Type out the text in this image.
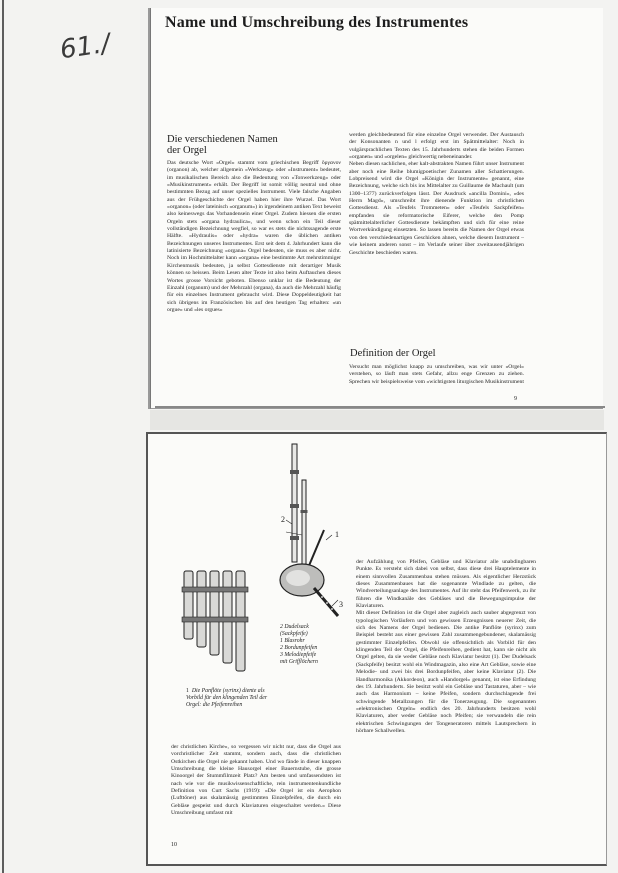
61./
Name und Umschreibung des Instrumentes
Die verschiedenen Namen
der Orgel

Das deutsche Wort «Orgel» stammt vom griechischen Begriff ὄργανον (organon) ab, welcher allgemein «Werkzeug» oder «Instrument» bedeutet, im musikalischen Bereich also die Bedeutung von «Tonwerkzeug» oder «Musikinstrument» erhält. Der Begriff ist somit völlig neutral und ohne bestimmten Bezug auf unser spezielles Instrument. Viele falsche Angaben aus der Frühgeschichte der Orgel haben hier ihre Wurzel. Das Wort «organon» (oder lateinisch «organum») in irgendeinem antiken Text beweist also keineswegs das Vorhandensein einer Orgel. Zudem hiessen die ersten Orgeln stets «organa hydraulica», und wenn schon ein Teil dieser vollständigen Bezeichnung wegfiel, so war es stets die nichtssagende erste Hälfte. «Hydraulis» oder «hydra» waren die üblichen antiken Bezeichnungen unseres Instrumentes. Erst seit dem 4. Jahrhundert kann die latinisierte Bezeichnung «organa» Orgel bedeuten, sie muss es aber nicht. Noch im Hochmittelalter kann «organa» eine bestimmte Art mehrstimmiger Kirchenmusik bedeuten, ja selbst Gottesdienste mit derartiger Musik können so heissen. Beim Lesen alter Texte ist also beim Auftauchen dieses Wortes grosse Vorsicht geboten. Ebenso unklar ist die Bedeutung der Einzahl (organum) und der Mehrzahl (organa), da auch die Mehrzahl häufig für ein einzelnes Instrument gebraucht wird. Diese Doppeldeutigkeit hat sich übrigens im Französischen bis auf den heutigen Tag erhalten: «un orgue» und «les orgues»

werden gleichbedeutend für eine einzelne Orgel verwendet. Der Austausch der Konsonanten n und l erfolgt erst im Spätmittelalter: Noch in vulgärsprachlichen Texten des 15. Jahrhunderts stehen die beiden Formen «organen» und «orgelen» gleichwertig nebeneinander.

Neben diesen sachlichen, eher kalt-abstrakten Namen führt unser Instrument aber noch eine Reihe blumigpoetischer Zunamen aller Schattierungen. Lobpreisend wird die Orgel «Königin der Instrumente» genannt, eine Bezeichnung, welche sich bis ins Mittelalter zu Guillaume de Machault (um 1300–1377) zurückverfolgen lässt. Der Ausdruck «ancilla Domini», «des Herrn Magd», umschreibt ihre dienende Funktion im christlichen Gottesdienst. Als «Teufels Trommeten» oder «Teufels Sackpfeifen» empfanden sie reformatorische Eiferer, welche den Pomp spätmittelalterlicher Gottesdienste bekämpften und sich für eine reine Wortverkündigung einsetzten. So lassen bereits die Namen der Orgel etwas von den verschiedenartigen Geschicken ahnen, welche diesem Instrument – wie keinem anderen sonst – im Verlaufe seiner über zweitausendjährigen Geschichte beschieden waren.

Definition der Orgel

Versucht man möglichst knapp zu umschreiben, was wir unter «Orgel» verstehen, so läuft man stets Gefahr, allzu enge Grenzen zu ziehen. Sprechen wir beispielsweise vom «wichtigsten liturgischen Musikinstrument

9
2
1
3
1 Die Panflöte (syrinx) diente als Vorbild für den klingenden Teil der Orgel: die Pfeifenreihen
2 Dudelsack
(Sackpfeife)
1 Blasrohr
2 Bordunpfeifen
3 Melodiepfeife
mit Grifflöchern

der christlichen Kirche», so vergessen wir nicht nur, dass die Orgel aus vorchristlicher Zeit stammt, sondern auch, dass die christlichen Ostkirchen die Orgel nie gekannt haben. Und wo fände in dieser knappen Umschreibung die kleine Hausorgel einer Bauernstube, die grosse Kinoorgel der Stummfilmzeit Platz? Am besten und umfassendsten ist nach wie vor die musikwissenschaftliche, rein instrumentenkundliche Definition von Curt Sachs (1919): «Die Orgel ist ein Aerophon (Lufttöner) aus skalamässig gestimmten Einzelpfeifen, die durch ein Gebläse gespeist und durch Klaviaturen eingeschaltet werden.» Diese Umschreibung umfasst mit

der Aufzählung von Pfeifen, Gebläse und Klaviatur alle unabdingbaren Punkte. Es versteht sich dabei von selbst, dass diese drei Hauptelemente in einem sinnvollen Zusammenbau stehen müssen. Als eigentlicher Herzstück dieses Zusammenbaues hat die sogenannte Windlade zu gelten, die Windverteilungsanlage des Instrumentes. Auf ihr steht das Pfeifenwerk, zu ihr führen die Windkanäle des Gebläses und die Bewegungsimpulse der Klaviaturen.

Mit dieser Definition ist die Orgel aber zugleich auch sauber abgegrenzt von typologischen Vorläufern und von gewissen Erzeugnissen neuerer Zeit, die sich des Namens der Orgel bedienen. Die antike Panflöte (syrinx) zum Beispiel besteht aus einer gewissen Zahl zusammengebundener, skalamässig gestimmter Einzelpfeifen. Obwohl sie offensichtlich als Vorbild für den klingenden Teil der Orgel, die Pfeifenreihen, gedient hat, kann sie nicht als Orgel gelten, da sie weder Gebläse noch Klaviatur besitzt (1). Der Dudelsack (Sackpfeife) besitzt wohl ein Windmagazin, also eine Art Gebläse, sowie eine Melodie- und zwei bis drei Bordunpfeifen, aber keine Klaviatur (2). Die Handharmonika (Akkordeon), auch «Handorgel» genannt, ist eine Erfindung des 19. Jahrhunderts. Sie besitzt wohl ein Gebläse und Tastaturen, aber – wie auch das Harmonium – keine Pfeifen, sondern durchschlagende frei schwingende Metallzungen für die Tonerzeugung. Die sogenannten «elektronischen Orgeln» endlich des 20. Jahrhunderts besitzen wohl Klaviaturen, aber weder Gebläse noch Pfeifen; sie verwandeln die rein elektrischen Schwingungen der Tongeneratoren mittels Lautsprechern in hörbare Schallwellen.

10
